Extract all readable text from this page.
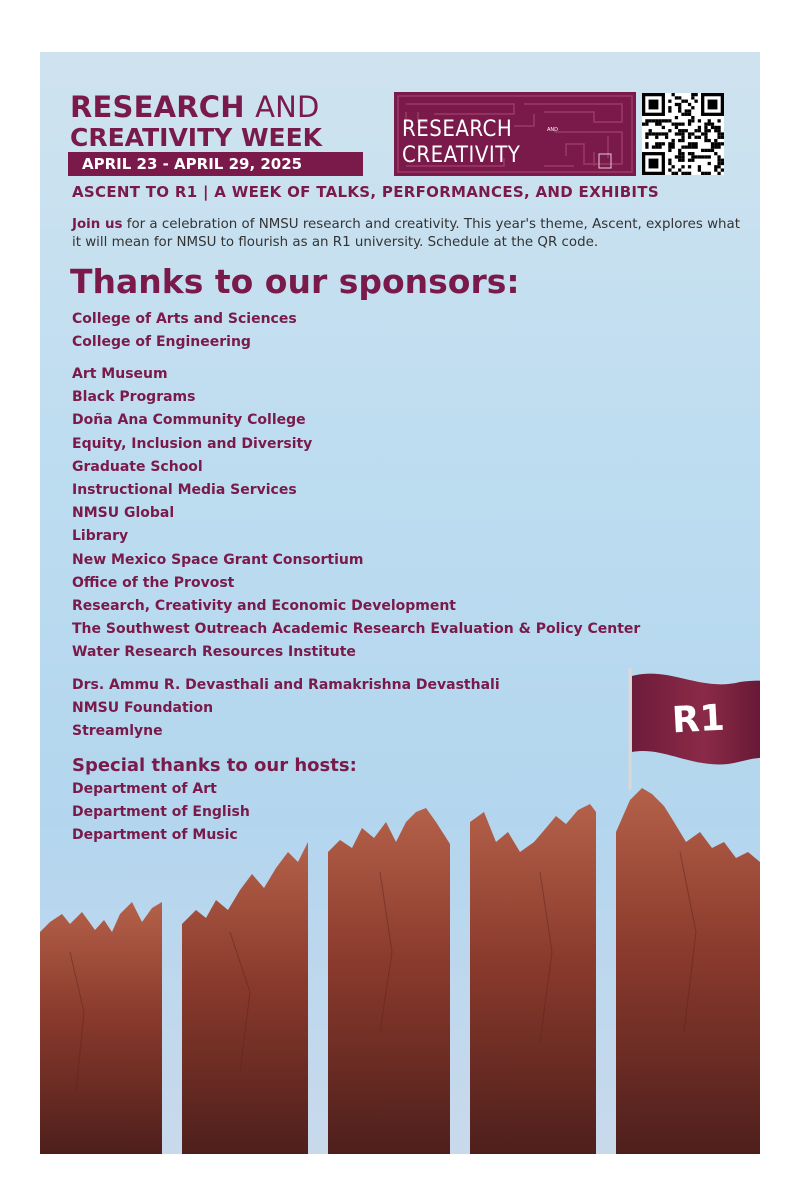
RESEARCH AND
CREATIVITY WEEK
APRIL 23 - APRIL 29, 2025
RESEARCH	AND
CREATIVITY

ASCENT TO R1 | A WEEK OF TALKS, PERFORMANCES, AND EXHIBITS

Join us for a celebration of NMSU research and creativity. This year's theme, Ascent, explores what it will mean for NMSU to flourish as an R1 university. Schedule at the QR code.

Thanks to our sponsors:
College of Arts and Sciences
College of Engineering
Art Museum
Black Programs
Doña Ana Community College
Equity, Inclusion and Diversity
Graduate School
Instructional Media Services
NMSU Global
Library
New Mexico Space Grant Consortium
Office of the Provost
Research, Creativity and Economic Development
The Southwest Outreach Academic Research Evaluation & Policy Center
Water Research Resources Institute
Drs. Ammu R. Devasthali and Ramakrishna Devasthali
NMSU Foundation
Streamlyne
Special thanks to our hosts:
Department of Art
Department of English
Department of Music
R1
